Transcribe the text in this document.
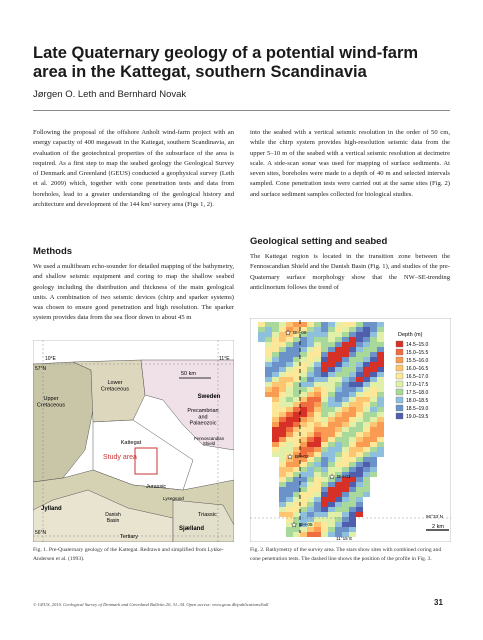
Late Quaternary geology of a potential wind-farm area in the Kattegat, southern Scandinavia
Jørgen O. Leth and Bernhard Novak

Following the proposal of the offshore Anholt wind-farm project with an energy capacity of 400 megawatt in the Kattegat, southern Scandinavia, an evaluation of the geotechnical properties of the subsurface of the area is required. As a first step to map the seabed geology the Geological Survey of Denmark and Greenland (GEUS) conducted a geophysical survey (Leth et al. 2009) which, together with cone penetration tests and data from boreholes, lead to a greater understanding of the geological history and architecture and development of the 144 km² survey area (Figs 1, 2).

Methods

We used a multibeam echo-sounder for detailed mapping of the bathymetry, and shallow seismic equipment and coring to map the shallow seabed geology including the distribution and thickness of the main geological units. A combination of two seismic devices (chirp and sparker systems) was chosen to ensure good penetration and high resolution. The sparker system provides data from the sea floor down to about 45 m

into the seabed with a vertical seismic resolution in the order of 50 cm, while the chirp system provides high-resolution seismic data from the upper 5–10 m of the seabed with a vertical seismic resolution at decimetre scale. A side-scan sonar was used for mapping of surface sediments. At seven sites, boreholes were made to a depth of 40 m and selected intervals sampled. Cone penetration tests were carried out at the same sites (Fig. 2) and surface sediment samples collected for biological studies.

Geological setting and seabed

The Kattegat region is located in the transition zone between the Fennoscandian Shield and the Danish Basin (Fig. 1), and studies of the pre-Quaternary surface morphology show that the NW–SE-trending anticlinorium follows the trend of

10°E	11°E
57°N
56°N
50 km
Upper Cretaceous
Lower Cretaceous
Sweden
Precambrian and Palaeozoic
Kattegat
Fennoscandian Shield
Study area
Jurassic
Lysegrund
Triassic
Jylland
Danish Basin
Sjælland
Tertiary
Fig. 1. Pre-Quaternary geology of the Kattegat. Redrawn and simplified from Lykke-Andersen et al. (1993).
Depth (m)
14.5–15.0
15.0–15.5
15.5–16.0
16.0–16.5
16.5–17.0
17.0–17.5
17.5–18.0
18.0–18.5
18.5–19.0
19.0–19.5
★ BH-09
★ BH-02
★ BH-01
★ BH-05
56°33´N
11°15´E
2 km
Fig. 2. Bathymetry of the survey area. The stars show sites with combined coring and cone penetration tests. The dashed line shows the position of the profile in Fig. 3.
© GEUS, 2010. Geological Survey of Denmark and Greenland Bulletin 20, 31–34. Open access: www.geus.dk/publications/bull	31
